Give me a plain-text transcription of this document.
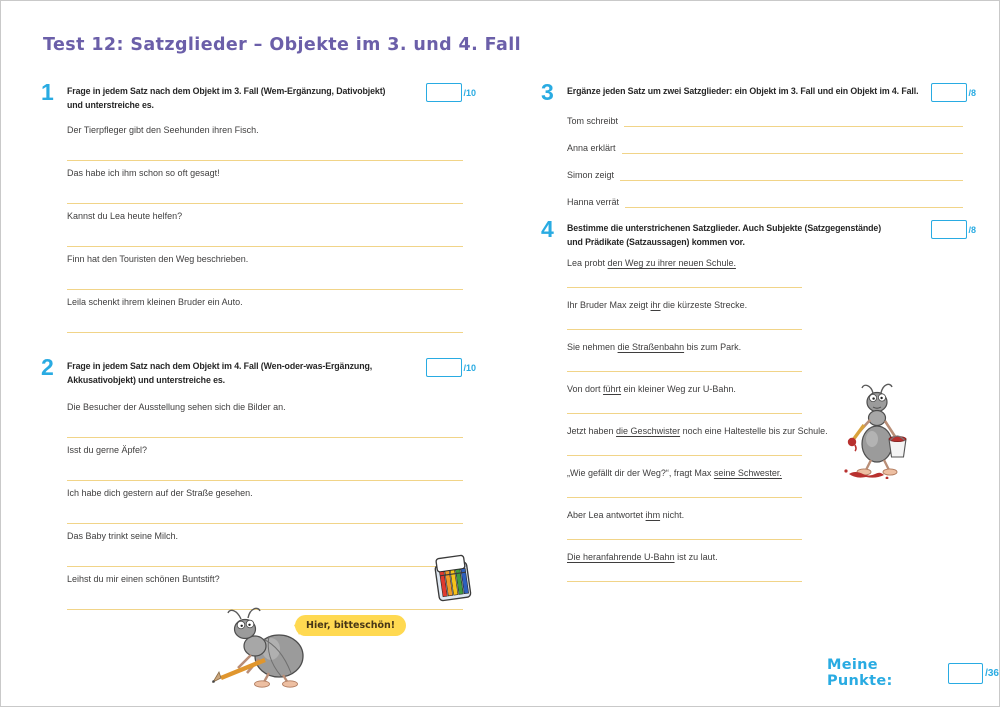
Test 12: Satzglieder – Objekte im 3. und 4. Fall
1 Frage in jedem Satz nach dem Objekt im 3. Fall (Wem-Ergänzung, Dativobjekt)
und unterstreiche es.

/10

Der Tierpfleger gibt den Seehunden ihren Fisch.

Das habe ich ihm schon so oft gesagt!

Kannst du Lea heute helfen?

Finn hat den Touristen den Weg beschrieben.

Leila schenkt ihrem kleinen Bruder ein Auto.

2 Frage in jedem Satz nach dem Objekt im 4. Fall (Wen-oder-was-Ergänzung,
Akkusativobjekt) und unterstreiche es.

/10

Die Besucher der Ausstellung sehen sich die Bilder an.

Isst du gerne Äpfel?

Ich habe dich gestern auf der Straße gesehen.

Das Baby trinkt seine Milch.

Leihst du mir einen schönen Buntstift?

3 Ergänze jeden Satz um zwei Satzglieder: ein Objekt im 3. Fall und ein Objekt im 4. Fall.	/8
Tom schreibt
Anna erklärt
Simon zeigt
Hanna verrät
4 Bestimme die unterstrichenen Satzglieder. Auch Subjekte (Satzgegenstände)
und Prädikate (Satzaussagen) kommen vor.

/8

Lea probt den Weg zu ihrer neuen Schule.

Ihr Bruder Max zeigt ihr die kürzeste Strecke.

Sie nehmen die Straßenbahn bis zum Park.

Von dort führt ein kleiner Weg zur U-Bahn.

Jetzt haben die Geschwister noch eine Haltestelle bis zur Schule.

„Wie gefällt dir der Weg?“, fragt Max seine Schwester.

Aber Lea antwortet ihm nicht.

Die heranfahrende U-Bahn ist zu laut.

Hier, bitteschön!
Meine Punkte:	/36
